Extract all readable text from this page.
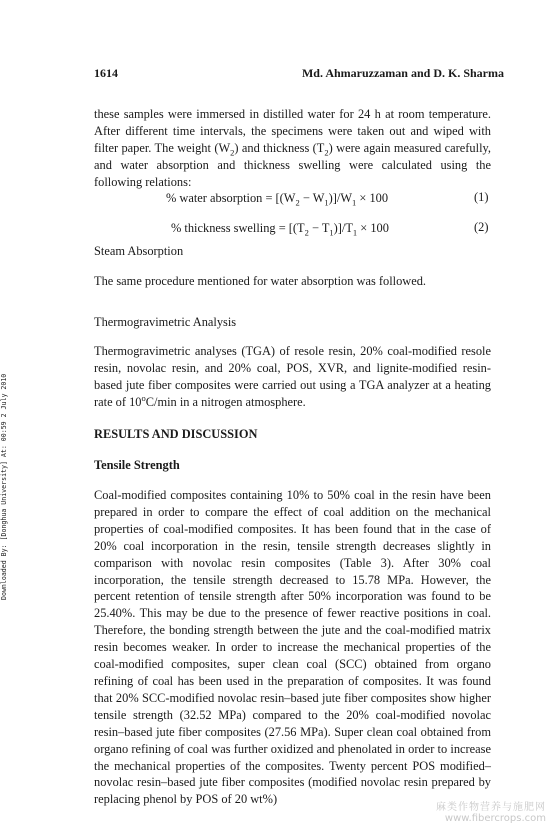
1614	Md. Ahmaruzzaman and D. K. Sharma
Downloaded By: [Donghua University] At: 00:59 2 July 2010

these samples were immersed in distilled water for 24 h at room temperature. After different time intervals, the specimens were taken out and wiped with filter paper. The weight $(W_2)$ and thickness $(T_2)$ were again measured carefully, and water absorption and thickness swelling were calculated using the following relations:

% water absorption = $[(W_2 - W_1)]/W_1 \times 100$	(1)
% thickness swelling = $[(T_2 - T_1)]/T_1 \times 100$	(2)
Steam Absorption

The same procedure mentioned for water absorption was followed.

Thermogravimetric Analysis

Thermogravimetric analyses (TGA) of resole resin, 20% coal-modified resole resin, novolac resin, and 20% coal, POS, XVR, and lignite-modified resin-based jute fiber composites were carried out using a TGA analyzer at a heating rate of 10$^o$C/min in a nitrogen atmosphere.

RESULTS AND DISCUSSION
Tensile Strength

Coal-modified composites containing 10% to 50% coal in the resin have been prepared in order to compare the effect of coal addition on the mechanical properties of coal-modified composites. It has been found that in the case of 20% coal incorporation in the resin, tensile strength decreases slightly in comparison with novolac resin composites (Table 3). After 30% coal incorporation, the tensile strength decreased to 15.78 MPa. However, the percent retention of tensile strength after 50% incorporation was found to be 25.40%. This may be due to the presence of fewer reactive positions in coal. Therefore, the bonding strength between the jute and the coal-modified matrix resin becomes weaker. In order to increase the mechanical properties of the coal-modified composites, super clean coal (SCC) obtained from organo refining of coal has been used in the preparation of composites. It was found that 20% SCC-modified novolac resin–based jute fiber composites show higher tensile strength (32.52 MPa) compared to the 20% coal-modified novolac resin–based jute fiber composites (27.56 MPa). Super clean coal obtained from organo refining of coal was further oxidized and phenolated in order to increase the mechanical properties of the composites. Twenty percent POS modified–novolac resin–based jute fiber composites (modified novolac resin prepared by replacing phenol by POS of 20 wt%)

麻类作物营养与施肥网
www.fibercrops.com
